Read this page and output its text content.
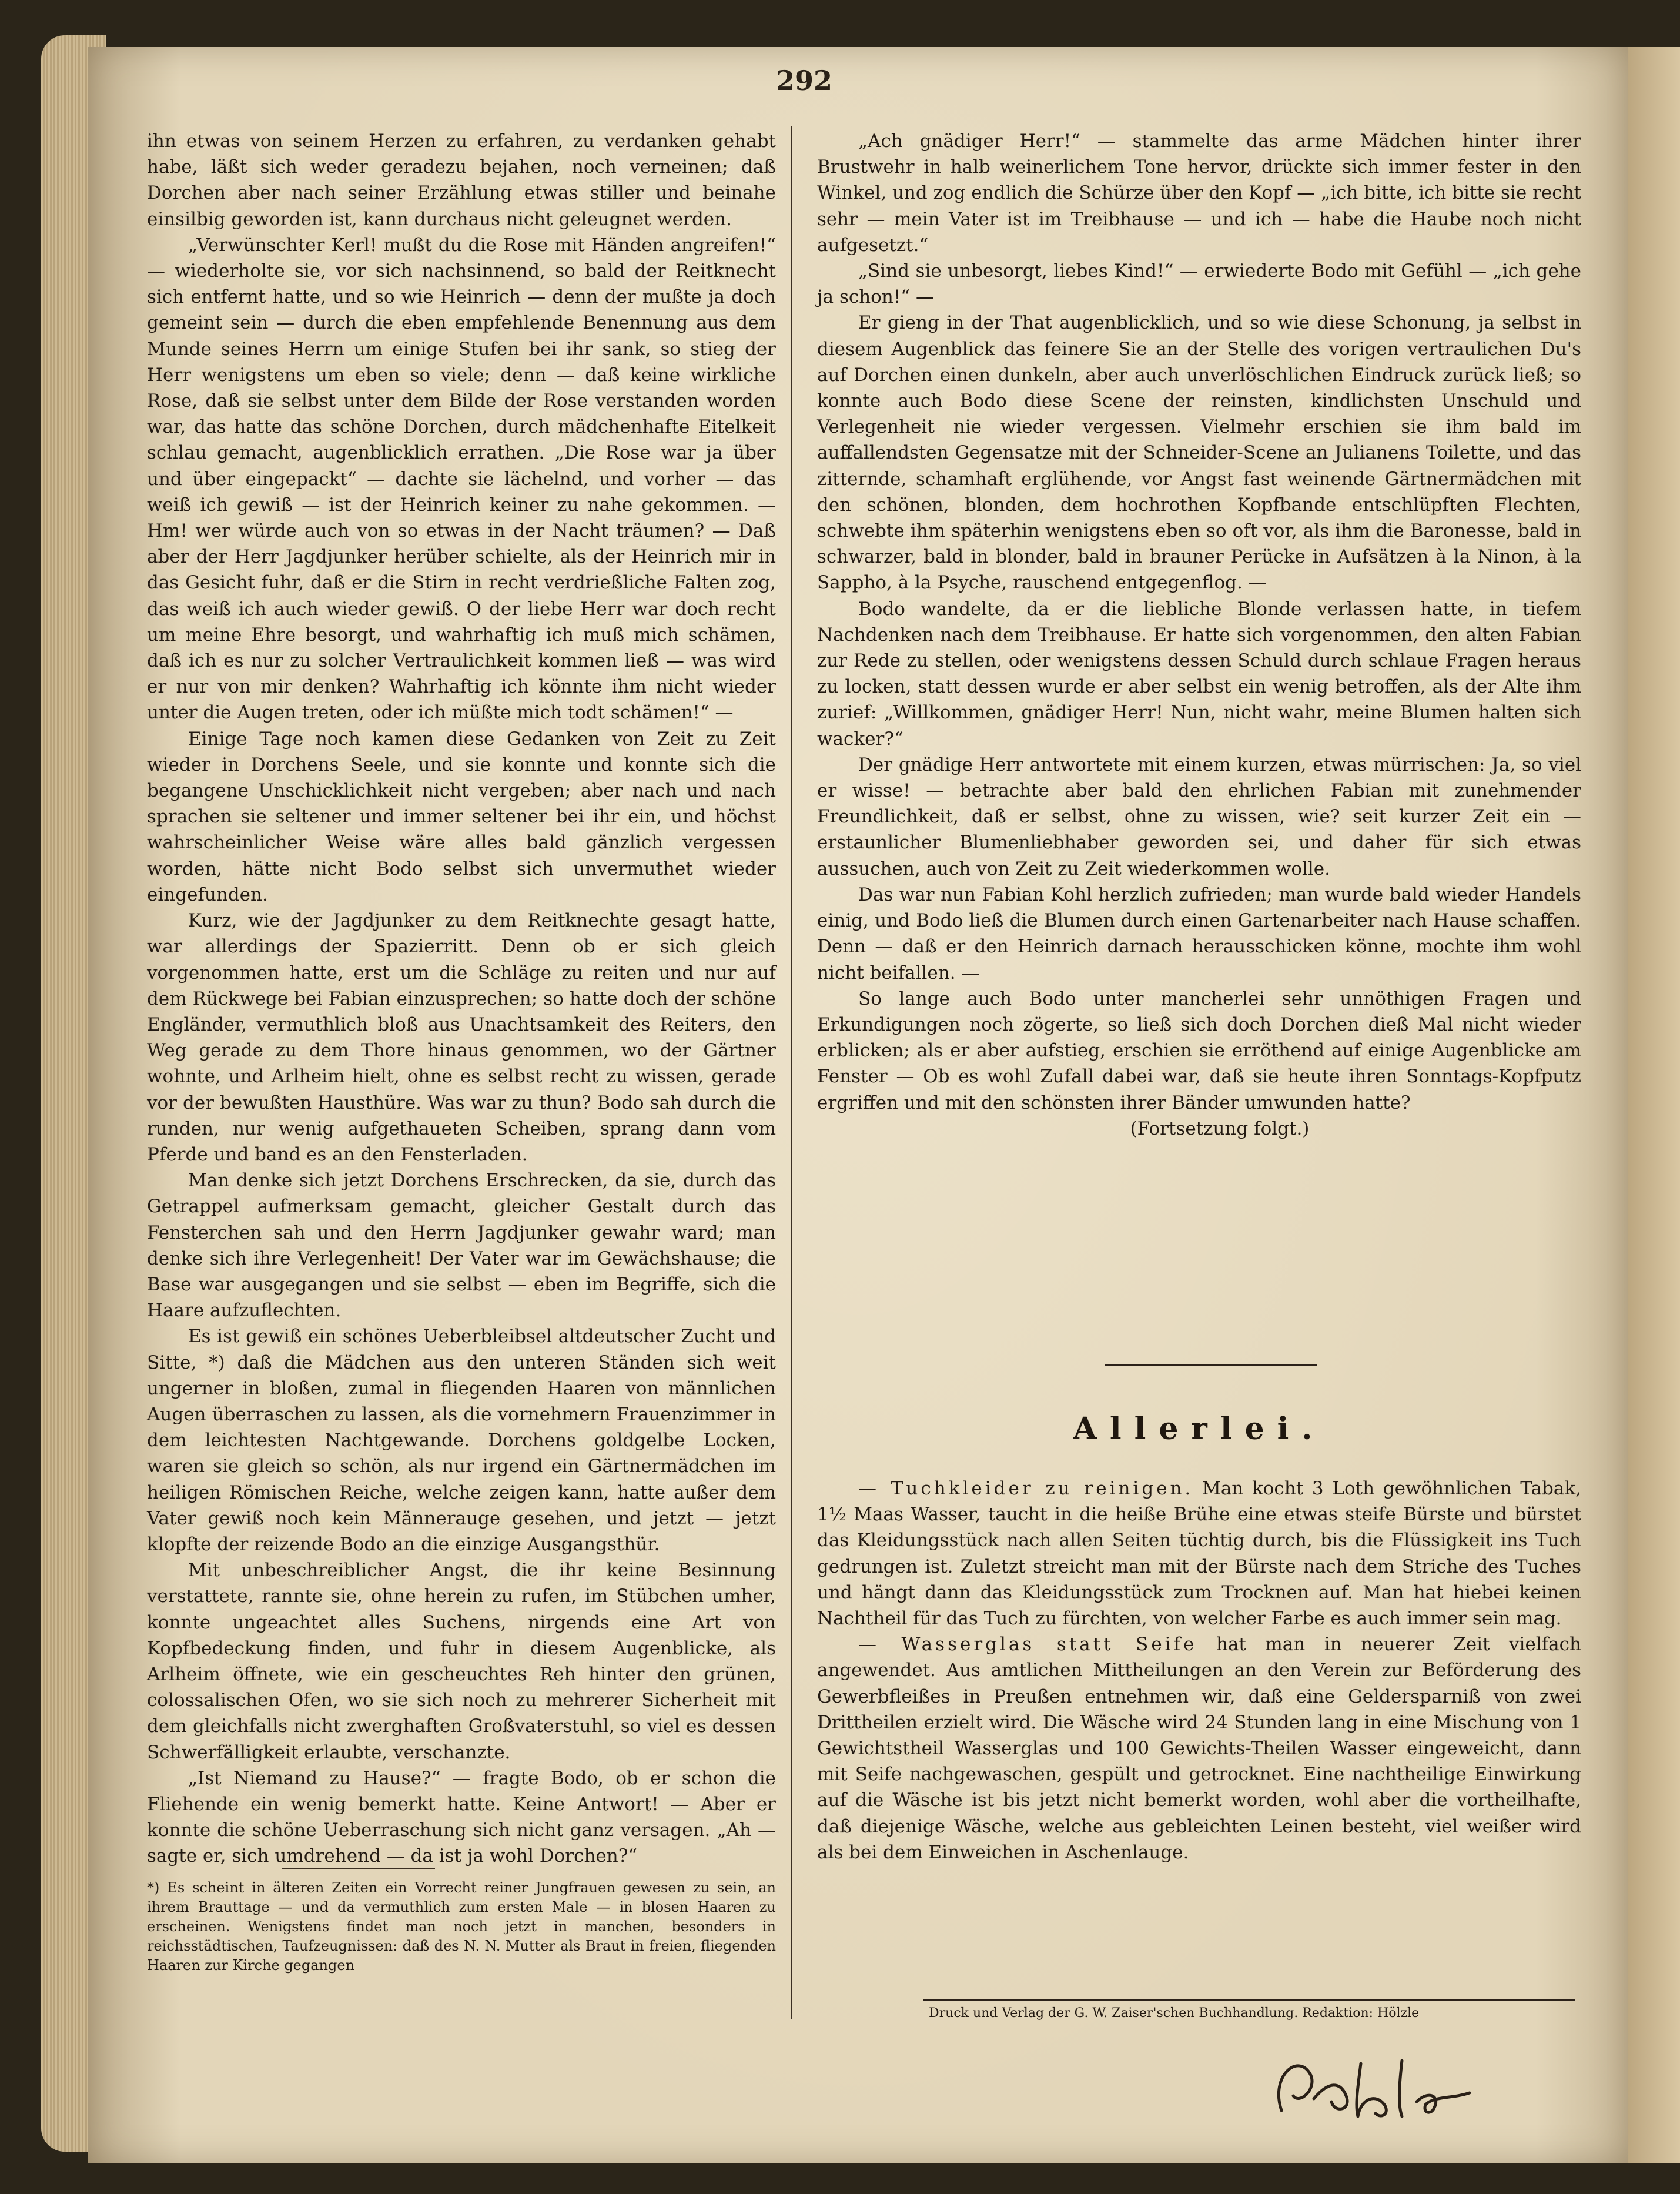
292

ihn etwas von seinem Herzen zu erfahren, zu verdanken gehabt habe, läßt sich weder geradezu bejahen, noch verneinen; daß Dorchen aber nach seiner Erzählung etwas stiller und beinahe einsilbig geworden ist, kann durchaus nicht geleugnet werden.

„Verwünschter Kerl! mußt du die Rose mit Händen angreifen!“ — wiederholte sie, vor sich nachsinnend, so bald der Reitknecht sich entfernt hatte, und so wie Heinrich — denn der mußte ja doch gemeint sein — durch die eben empfehlende Benennung aus dem Munde seines Herrn um einige Stufen bei ihr sank, so stieg der Herr wenigstens um eben so viele; denn — daß keine wirkliche Rose, daß sie selbst unter dem Bilde der Rose verstanden worden war, das hatte das schöne Dorchen, durch mädchenhafte Eitelkeit schlau gemacht, augenblicklich errathen. „Die Rose war ja über und über eingepackt“ — dachte sie lächelnd, und vorher — das weiß ich gewiß — ist der Heinrich keiner zu nahe gekommen. — Hm! wer würde auch von so etwas in der Nacht träumen? — Daß aber der Herr Jagdjunker herüber schielte, als der Heinrich mir in das Gesicht fuhr, daß er die Stirn in recht verdrießliche Falten zog, das weiß ich auch wieder gewiß. O der liebe Herr war doch recht um meine Ehre besorgt, und wahrhaftig ich muß mich schämen, daß ich es nur zu solcher Vertraulichkeit kommen ließ — was wird er nur von mir denken? Wahrhaftig ich könnte ihm nicht wieder unter die Augen treten, oder ich müßte mich todt schämen!“ —

Einige Tage noch kamen diese Gedanken von Zeit zu Zeit wieder in Dorchens Seele, und sie konnte und konnte sich die begangene Unschicklichkeit nicht vergeben; aber nach und nach sprachen sie seltener und immer seltener bei ihr ein, und höchst wahrscheinlicher Weise wäre alles bald gänzlich vergessen worden, hätte nicht Bodo selbst sich unvermuthet wieder eingefunden.

Kurz, wie der Jagdjunker zu dem Reitknechte gesagt hatte, war allerdings der Spazierritt. Denn ob er sich gleich vorgenommen hatte, erst um die Schläge zu reiten und nur auf dem Rückwege bei Fabian einzusprechen; so hatte doch der schöne Engländer, vermuthlich bloß aus Unachtsamkeit des Reiters, den Weg gerade zu dem Thore hinaus genommen, wo der Gärtner wohnte, und Arlheim hielt, ohne es selbst recht zu wissen, gerade vor der bewußten Hausthüre. Was war zu thun? Bodo sah durch die runden, nur wenig aufgethaueten Scheiben, sprang dann vom Pferde und band es an den Fensterladen.

Man denke sich jetzt Dorchens Erschrecken, da sie, durch das Getrappel aufmerksam gemacht, gleicher Gestalt durch das Fensterchen sah und den Herrn Jagdjunker gewahr ward; man denke sich ihre Verlegenheit! Der Vater war im Gewächshause; die Base war ausgegangen und sie selbst — eben im Begriffe, sich die Haare aufzuflechten.

Es ist gewiß ein schönes Ueberbleibsel altdeutscher Zucht und Sitte, *) daß die Mädchen aus den unteren Ständen sich weit ungerner in bloßen, zumal in fliegenden Haaren von männlichen Augen überraschen zu lassen, als die vornehmern Frauenzimmer in dem leichtesten Nachtgewande. Dorchens goldgelbe Locken, waren sie gleich so schön, als nur irgend ein Gärtnermädchen im heiligen Römischen Reiche, welche zeigen kann, hatte außer dem Vater gewiß noch kein Männerauge gesehen, und jetzt — jetzt klopfte der reizende Bodo an die einzige Ausgangsthür.

Mit unbeschreiblicher Angst, die ihr keine Besinnung verstattete, rannte sie, ohne herein zu rufen, im Stübchen umher, konnte ungeachtet alles Suchens, nirgends eine Art von Kopfbedeckung finden, und fuhr in diesem Augenblicke, als Arlheim öffnete, wie ein gescheuchtes Reh hinter den grünen, colossalischen Ofen, wo sie sich noch zu mehrerer Sicherheit mit dem gleichfalls nicht zwerghaften Großvaterstuhl, so viel es dessen Schwerfälligkeit erlaubte, verschanzte.

„Ist Niemand zu Hause?“ — fragte Bodo, ob er schon die Fliehende ein wenig bemerkt hatte. Keine Antwort! — Aber er konnte die schöne Ueberraschung sich nicht ganz versagen. „Ah — sagte er, sich umdrehend — da ist ja wohl Dorchen?“

*) Es scheint in älteren Zeiten ein Vorrecht reiner Jungfrauen gewesen zu sein, an ihrem Brauttage — und da vermuthlich zum ersten Male — in blosen Haaren zu erscheinen. Wenigstens findet man noch jetzt in manchen, besonders in reichsstädtischen, Taufzeugnissen: daß des N. N. Mutter als Braut in freien, fliegenden Haaren zur Kirche gegangen

„Ach gnädiger Herr!“ — stammelte das arme Mädchen hinter ihrer Brustwehr in halb weinerlichem Tone hervor, drückte sich immer fester in den Winkel, und zog endlich die Schürze über den Kopf — „ich bitte, ich bitte sie recht sehr — mein Vater ist im Treibhause — und ich — habe die Haube noch nicht aufgesetzt.“

„Sind sie unbesorgt, liebes Kind!“ — erwiederte Bodo mit Gefühl — „ich gehe ja schon!“ —

Er gieng in der That augenblicklich, und so wie diese Schonung, ja selbst in diesem Augenblick das feinere Sie an der Stelle des vorigen vertraulichen Du's auf Dorchen einen dunkeln, aber auch unverlöschlichen Eindruck zurück ließ; so konnte auch Bodo diese Scene der reinsten, kindlichsten Unschuld und Verlegenheit nie wieder vergessen. Vielmehr erschien sie ihm bald im auffallendsten Gegensatze mit der Schneider-Scene an Julianens Toilette, und das zitternde, schamhaft erglühende, vor Angst fast weinende Gärtnermädchen mit den schönen, blonden, dem hochrothen Kopfbande entschlüpften Flechten, schwebte ihm späterhin wenigstens eben so oft vor, als ihm die Baronesse, bald in schwarzer, bald in blonder, bald in brauner Perücke in Aufsätzen à la Ninon, à la Sappho, à la Psyche, rauschend entgegenflog. —

Bodo wandelte, da er die liebliche Blonde verlassen hatte, in tiefem Nachdenken nach dem Treibhause. Er hatte sich vorgenommen, den alten Fabian zur Rede zu stellen, oder wenigstens dessen Schuld durch schlaue Fragen heraus zu locken, statt dessen wurde er aber selbst ein wenig betroffen, als der Alte ihm zurief: „Willkommen, gnädiger Herr! Nun, nicht wahr, meine Blumen halten sich wacker?“

Der gnädige Herr antwortete mit einem kurzen, etwas mürrischen: Ja, so viel er wisse! — betrachte aber bald den ehrlichen Fabian mit zunehmender Freundlichkeit, daß er selbst, ohne zu wissen, wie? seit kurzer Zeit ein — erstaunlicher Blumenliebhaber geworden sei, und daher für sich etwas aussuchen, auch von Zeit zu Zeit wiederkommen wolle.

Das war nun Fabian Kohl herzlich zufrieden; man wurde bald wieder Handels einig, und Bodo ließ die Blumen durch einen Gartenarbeiter nach Hause schaffen. Denn — daß er den Heinrich darnach herausschicken könne, mochte ihm wohl nicht beifallen. —

So lange auch Bodo unter mancherlei sehr unnöthigen Fragen und Erkundigungen noch zögerte, so ließ sich doch Dorchen dieß Mal nicht wieder erblicken; als er aber aufstieg, erschien sie erröthend auf einige Augenblicke am Fenster — Ob es wohl Zufall dabei war, daß sie heute ihren Sonntags-Kopfputz ergriffen und mit den schönsten ihrer Bänder umwunden hatte?

(Fortsetzung folgt.)

Allerlei.

— Tuchkleider zu reinigen. Man kocht 3 Loth gewöhnlichen Tabak, 1½ Maas Wasser, taucht in die heiße Brühe eine etwas steife Bürste und bürstet das Kleidungsstück nach allen Seiten tüchtig durch, bis die Flüssigkeit ins Tuch gedrungen ist. Zuletzt streicht man mit der Bürste nach dem Striche des Tuches und hängt dann das Kleidungsstück zum Trocknen auf. Man hat hiebei keinen Nachtheil für das Tuch zu fürchten, von welcher Farbe es auch immer sein mag.

— Wasserglas statt Seife hat man in neuerer Zeit vielfach angewendet. Aus amtlichen Mittheilungen an den Verein zur Beförderung des Gewerbfleißes in Preußen entnehmen wir, daß eine Geldersparniß von zwei Drittheilen erzielt wird. Die Wäsche wird 24 Stunden lang in eine Mischung von 1 Gewichtstheil Wasserglas und 100 Gewichts-Theilen Wasser eingeweicht, dann mit Seife nachgewaschen, gespült und getrocknet. Eine nachtheilige Einwirkung auf die Wäsche ist bis jetzt nicht bemerkt worden, wohl aber die vortheilhafte, daß diejenige Wäsche, welche aus gebleichten Leinen besteht, viel weißer wird als bei dem Einweichen in Aschenlauge.

Druck und Verlag der G. W. Zaiser'schen Buchhandlung. Redaktion: Hölzle
